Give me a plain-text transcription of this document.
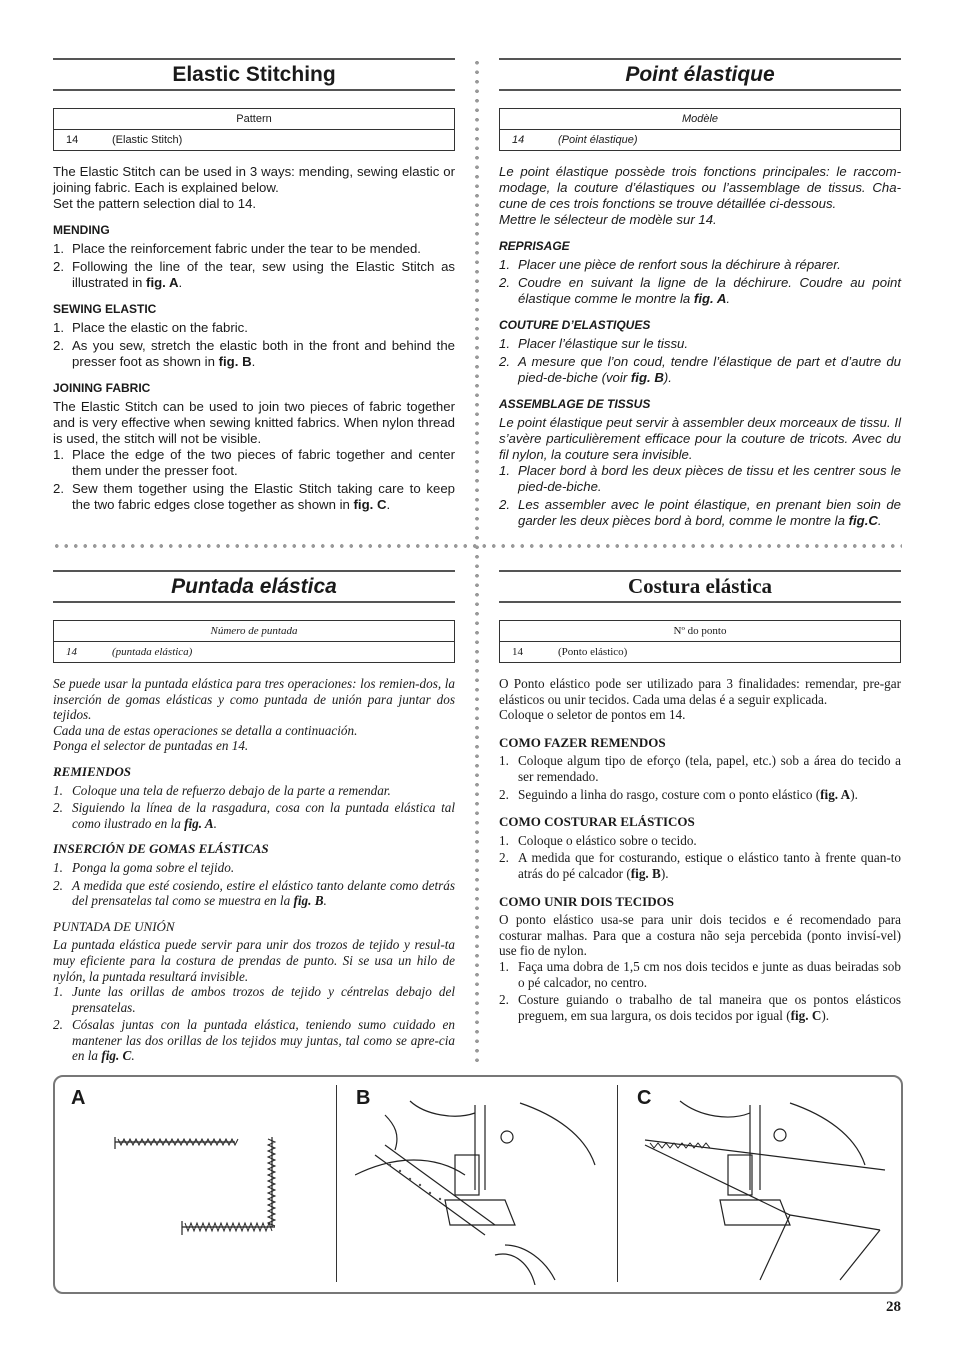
Elastic Stitching
Pattern
14	(Elastic Stitch)

The Elastic Stitch can be used in 3 ways: mending, sewing elastic or joining fabric. Each is explained below.

Set the pattern selection dial to 14.

MENDING
1. Place the reinforcement fabric under the tear to be mended.
2. Following the line of the tear, sew using the Elastic Stitch as illustrated in fig. A.
SEWING ELASTIC
1. Place the elastic on the fabric.
2. As you sew, stretch the elastic both in the front and behind the presser foot as shown in fig. B.
JOINING FABRIC

The Elastic Stitch can be used to join two pieces of fabric together and is very effective when sewing knitted fabrics. When nylon thread is used, the stitch will not be visible.

1. Place the edge of the two pieces of fabric together and center them under the presser foot.
2. Sew them together using the Elastic Stitch taking care to keep the two fabric edges close together as shown in fig. C.
Point élastique
Modèle
14	(Point élastique)

Le point élastique possède trois fonctions principales: le raccom-modage, la couture d’élastiques ou l’assemblage de tissus. Cha-cune de ces trois fonctions se trouve détaillée ci-dessous.

Mettre le sélecteur de modèle sur 14.

REPRISAGE
1. Placer une pièce de renfort sous la déchirure à réparer.
2. Coudre en suivant la ligne de la déchirure. Coudre au point élastique comme le montre la fig. A.
COUTURE D’ELASTIQUES
1. Placer l’élastique sur le tissu.
2. A mesure que l’on coud, tendre l’élastique de part et d’autre du pied-de-biche (voir fig. B).
ASSEMBLAGE DE TISSUS

Le point élastique peut servir à assembler deux morceaux de tissu. Il s’avère particulièrement efficace pour la couture de tricots. Avec du fil nylon, la couture sera invisible.

1. Placer bord à bord les deux pièces de tissu et les centrer sous le pied-de-biche.
2. Les assembler avec le point élastique, en prenant bien soin de garder les deux pièces bord à bord, comme le montre la fig.C.
Puntada elástica
Número de puntada
14	(puntada elástica)

Se puede usar la puntada elástica para tres operaciones: los remien-dos, la inserción de gomas elásticas y como puntada de unión para juntar dos tejidos.

Cada una de estas operaciones se detalla a continuación.

Ponga el selector de puntadas en 14.

REMIENDOS
1. Coloque una tela de refuerzo debajo de la parte a remendar.
2. Siguiendo la línea de la rasgadura, cosa con la puntada elástica tal como ilustrado en la fig. A.
INSERCIÓN DE GOMAS ELÁSTICAS
1. Ponga la goma sobre el tejido.
2. A medida que esté cosiendo, estire el elástico tanto delante como detrás del prensatelas tal como se muestra en la fig. B.
PUNTADA DE UNIÓN

La puntada elástica puede servir para unir dos trozos de tejido y resul-ta muy eficiente para la costura de prendas de punto. Si se usa un hilo de nylón, la puntada resultará invisible.

1. Junte las orillas de ambos trozos de tejido y céntrelas debajo del prensatelas.
2. Cósalas juntas con la puntada elástica, teniendo sumo cuidado en mantener las dos orillas de los tejidos muy juntas, tal como se apre-cia en la fig. C.
Costura elástica
Nº do ponto
14	(Ponto elástico)

O Ponto elástico pode ser utilizado para 3 finalidades: remendar, pre-gar elásticos ou unir tecidos. Cada uma delas é a seguir explicada.

Coloque o seletor de pontos em 14.

COMO FAZER REMENDOS
1. Coloque algum tipo de eforço (tela, papel, etc.) sob a área do tecido a ser remendado.
2. Seguindo a linha do rasgo, costure com o ponto elástico (fig. A).
COMO COSTURAR ELÁSTICOS
1. Coloque o elástico sobre o tecido.
2. A medida que for costurando, estique o elástico tanto à frente quan-to atrás do pé calcador (fig. B).
COMO UNIR DOIS TECIDOS

O ponto elástico usa-se para unir dois tecidos e é recomendado para costurar malhas. Para que a costura não seja percebida (ponto invisí-vel) use fio de nylon.

1. Faça uma dobra de 1,5 cm nos dois tecidos e junte as duas beiradas sob o pé calcador, no centro.
2. Costure guiando o trabalho de tal maneira que os pontos elásticos preguem, em sua largura, os dois tecidos por igual (fig. C).
A	B	C
28
